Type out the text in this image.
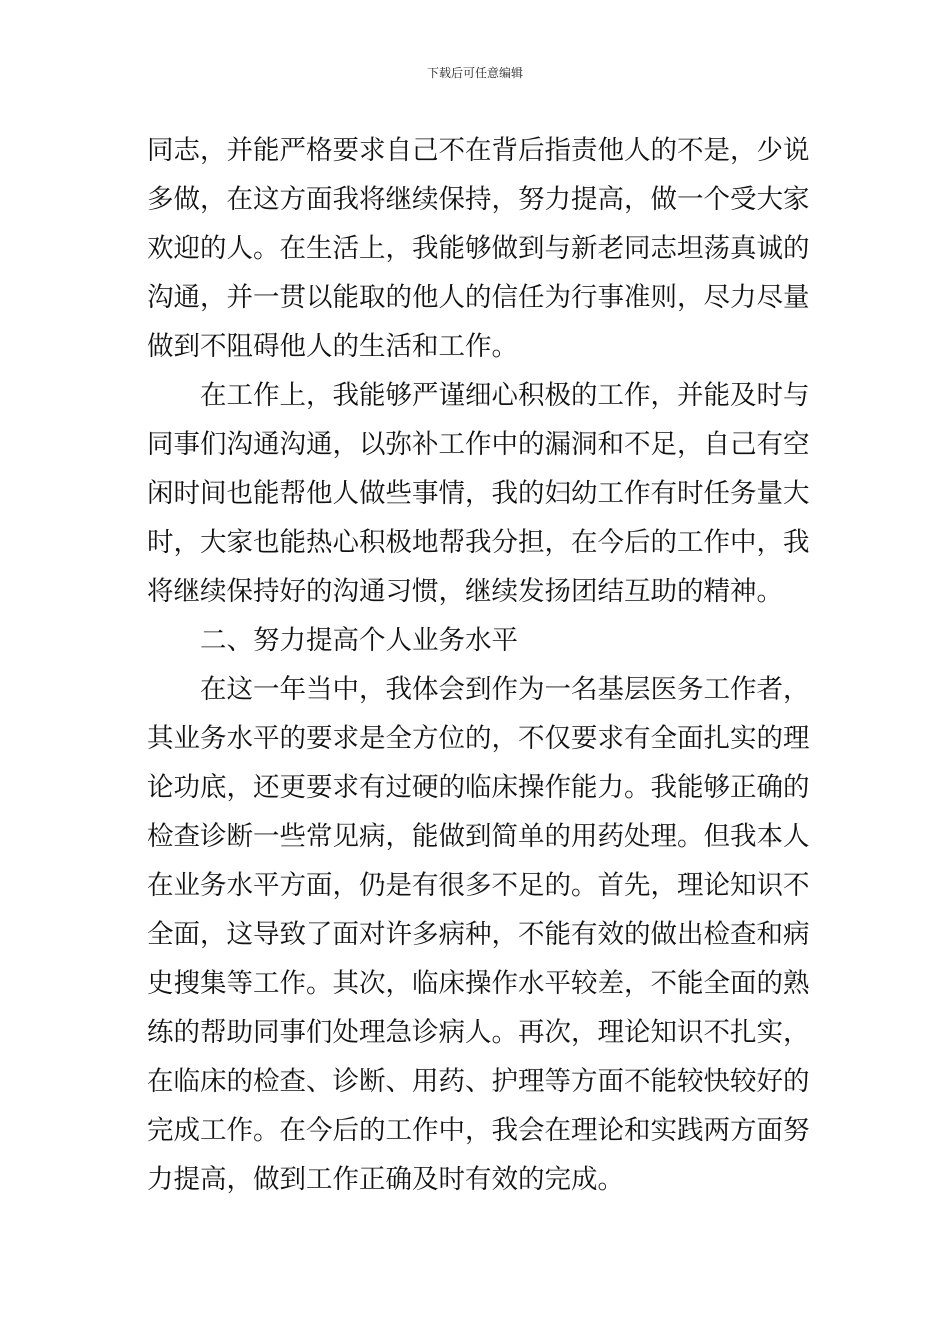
下载后可任意编辑
同志，并能严格要求自己不在背后指责他人的不是，少说
多做，在这方面我将继续保持，努力提高，做一个受大家
欢迎的人。在生活上，我能够做到与新老同志坦荡真诚的
沟通，并一贯以能取的他人的信任为行事准则，尽力尽量
做到不阻碍他人的生活和工作。
在工作上，我能够严谨细心积极的工作，并能及时与
同事们沟通沟通，以弥补工作中的漏洞和不足，自己有空
闲时间也能帮他人做些事情，我的妇幼工作有时任务量大
时，大家也能热心积极地帮我分担，在今后的工作中，我
将继续保持好的沟通习惯，继续发扬团结互助的精神。
二、努力提高个人业务水平
在这一年当中，我体会到作为一名基层医务工作者，
其业务水平的要求是全方位的，不仅要求有全面扎实的理
论功底，还更要求有过硬的临床操作能力。我能够正确的
检查诊断一些常见病，能做到简单的用药处理。但我本人
在业务水平方面，仍是有很多不足的。首先，理论知识不
全面，这导致了面对许多病种，不能有效的做出检查和病
史搜集等工作。其次，临床操作水平较差，不能全面的熟
练的帮助同事们处理急诊病人。再次，理论知识不扎实，
在临床的检查、诊断、用药、护理等方面不能较快较好的
完成工作。在今后的工作中，我会在理论和实践两方面努
力提高，做到工作正确及时有效的完成。
